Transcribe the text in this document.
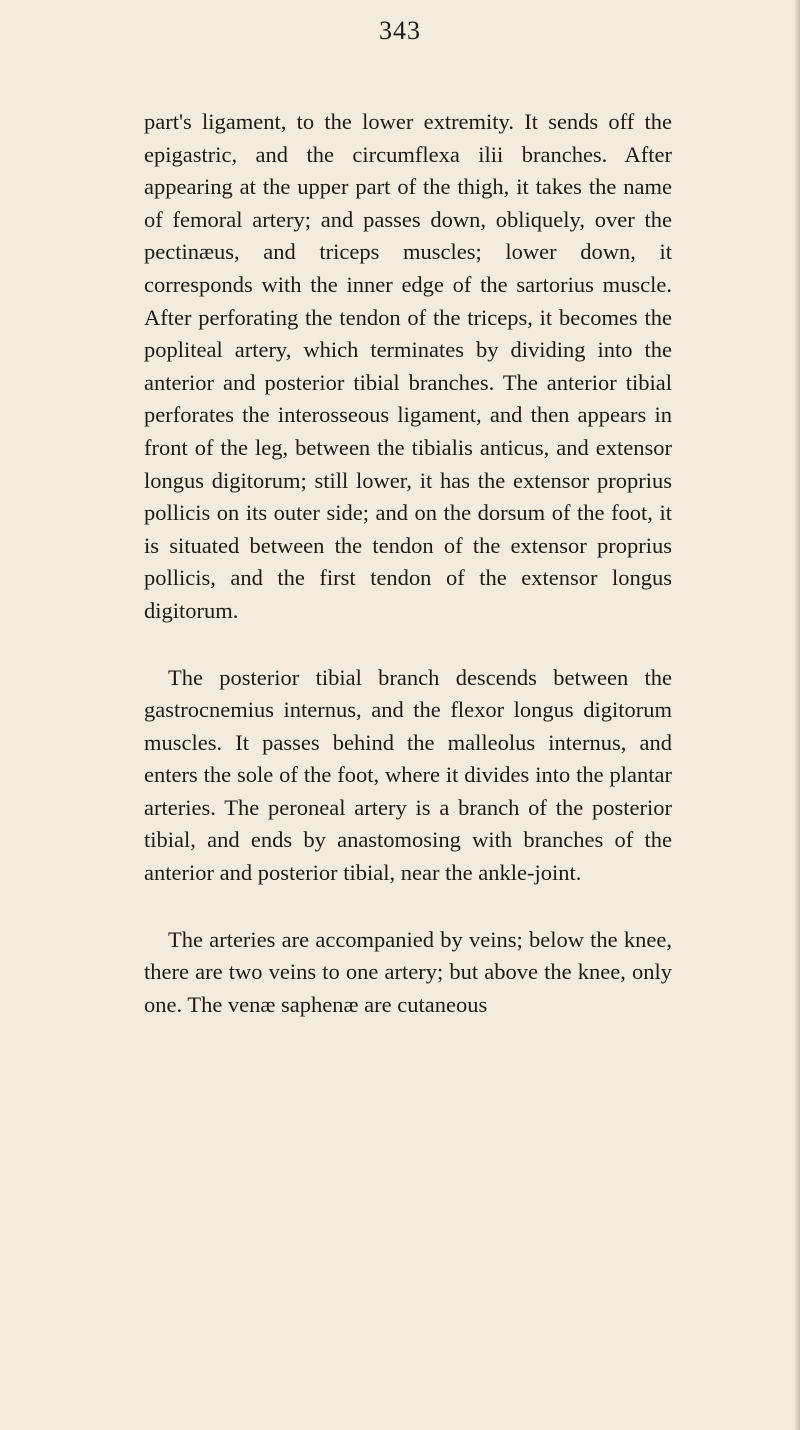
343

part's ligament, to the lower extremity. It sends off the epigastric, and the circumflexa ilii branches. After appearing at the upper part of the thigh, it takes the name of femoral artery; and passes down, obliquely, over the pectinæus, and triceps muscles; lower down, it corresponds with the inner edge of the sartorius muscle. After perforating the tendon of the triceps, it becomes the popliteal artery, which terminates by dividing into the anterior and posterior tibial branches. The anterior tibial perforates the interosseous ligament, and then appears in front of the leg, between the tibialis anticus, and extensor longus digitorum; still lower, it has the extensor proprius pollicis on its outer side; and on the dorsum of the foot, it is situated between the tendon of the extensor proprius pollicis, and the first tendon of the extensor longus digitorum.

The posterior tibial branch descends between the gastrocnemius internus, and the flexor longus digitorum muscles. It passes behind the malleolus internus, and enters the sole of the foot, where it divides into the plantar arteries. The peroneal artery is a branch of the posterior tibial, and ends by anastomosing with branches of the anterior and posterior tibial, near the ankle-joint.

The arteries are accompanied by veins; below the knee, there are two veins to one artery; but above the knee, only one. The venæ saphenæ are cutaneous
